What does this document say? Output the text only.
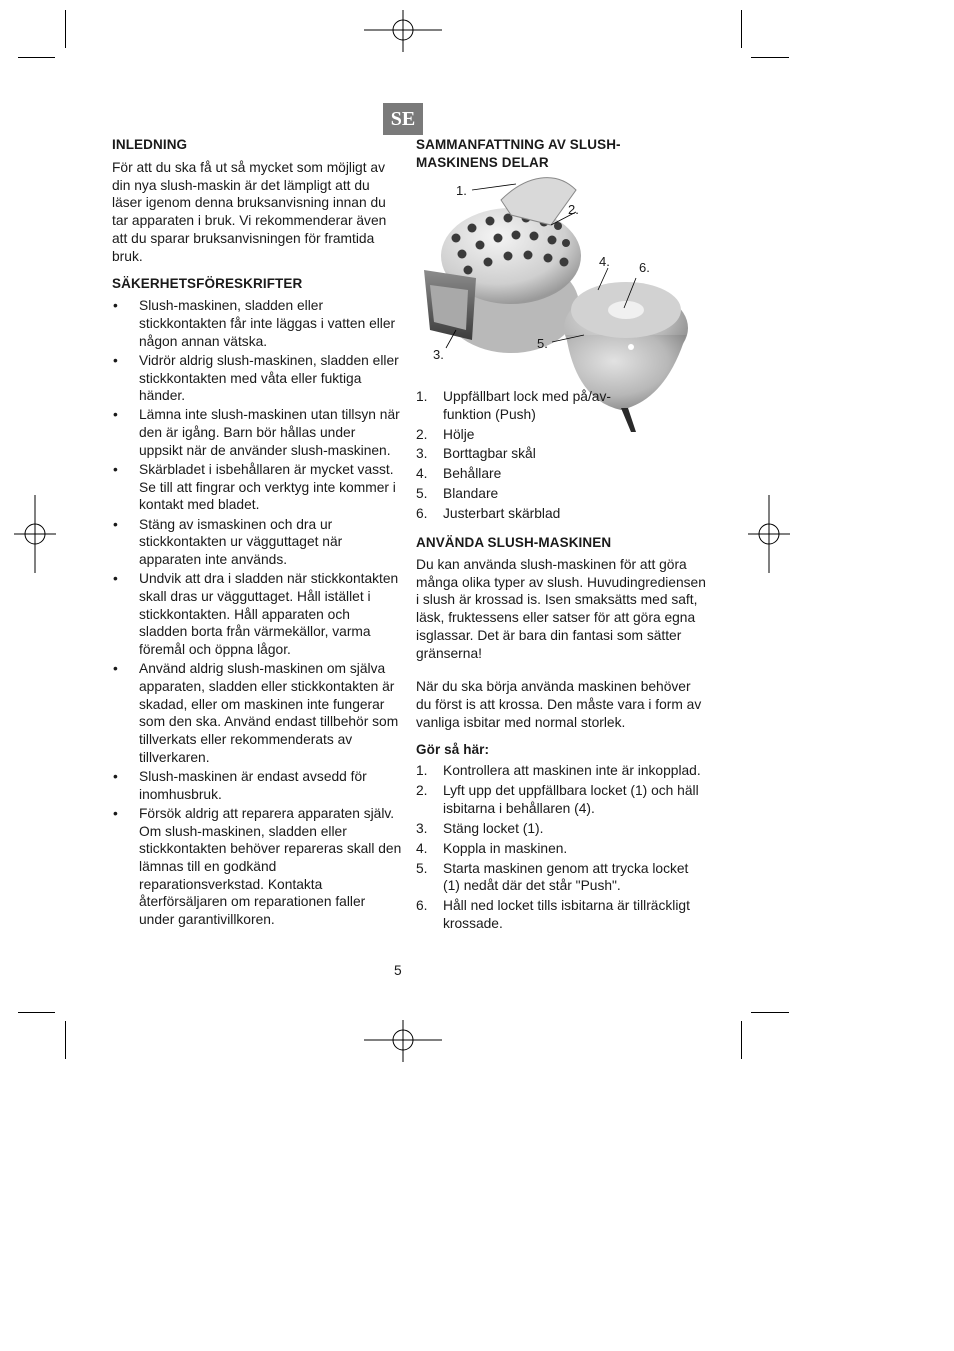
SE
INLEDNING
För att du ska få ut så mycket som möjligt av din nya slush-maskin är det lämpligt att du läser igenom denna bruksanvisning innan du tar apparaten i bruk. Vi rekommenderar även att du sparar bruksanvisningen för framtida bruk.
SÄKERHETSFÖRESKRIFTER
• Slush-maskinen, sladden eller stickkontakten får inte läggas i vatten eller någon annan vätska.
• Vidrör aldrig slush-maskinen, sladden eller stickkontakten med våta eller fuktiga händer.
• Lämna inte slush-maskinen utan tillsyn när den är igång. Barn bör hållas under uppsikt när de använder slush-maskinen.
• Skärbladet i isbehållaren är mycket vasst. Se till att fingrar och verktyg inte kommer i kontakt med bladet.
• Stäng av ismaskinen och dra ur stickkontakten ur vägguttaget när apparaten inte används.
• Undvik att dra i sladden när stickkontakten skall dras ur vägguttaget. Håll istället i stickkontakten. Håll apparaten och sladden borta från värmekällor, varma föremål och öppna lågor.
• Använd aldrig slush-maskinen om själva apparaten, sladden eller stickkontakten är skadad, eller om maskinen inte fungerar som den ska. Använd endast tillbehör som tillverkats eller rekommenderats av tillverkaren.
• Slush-maskinen är endast avsedd för inomhusbruk.
• Försök aldrig att reparera apparaten själv. Om slush-maskinen, sladden eller stickkontakten behöver repareras skall den lämnas till en godkänd reparationsverkstad. Kontakta återförsäljaren om reparationen faller under garantivillkoren.
SAMMANFATTNING AV SLUSH-MASKINENS DELAR
1.
2.
3.
4. 6.
5.
1. Uppfällbart lock med på/av-funktion (Push)
2. Hölje
3. Borttagbar skål
4. Behållare
5. Blandare
6. Justerbart skärblad
ANVÄNDA SLUSH-MASKINEN
Du kan använda slush-maskinen för att göra många olika typer av slush. Huvudingrediensen i slush är krossad is. Isen smaksätts med saft, läsk, fruktessens eller satser för att göra egna isglassar. Det är bara din fantasi som sätter gränserna!
När du ska börja använda maskinen behöver du först is att krossa. Den måste vara i form av vanliga isbitar med normal storlek.
Gör så här:
1. Kontrollera att maskinen inte är inkopplad.
2. Lyft upp det uppfällbara locket (1) och häll isbitarna i behållaren (4).
3. Stäng locket (1).
4. Koppla in maskinen.
5. Starta maskinen genom att trycka locket (1) nedåt där det står "Push".
6. Håll ned locket tills isbitarna är tillräckligt krossade.
5
